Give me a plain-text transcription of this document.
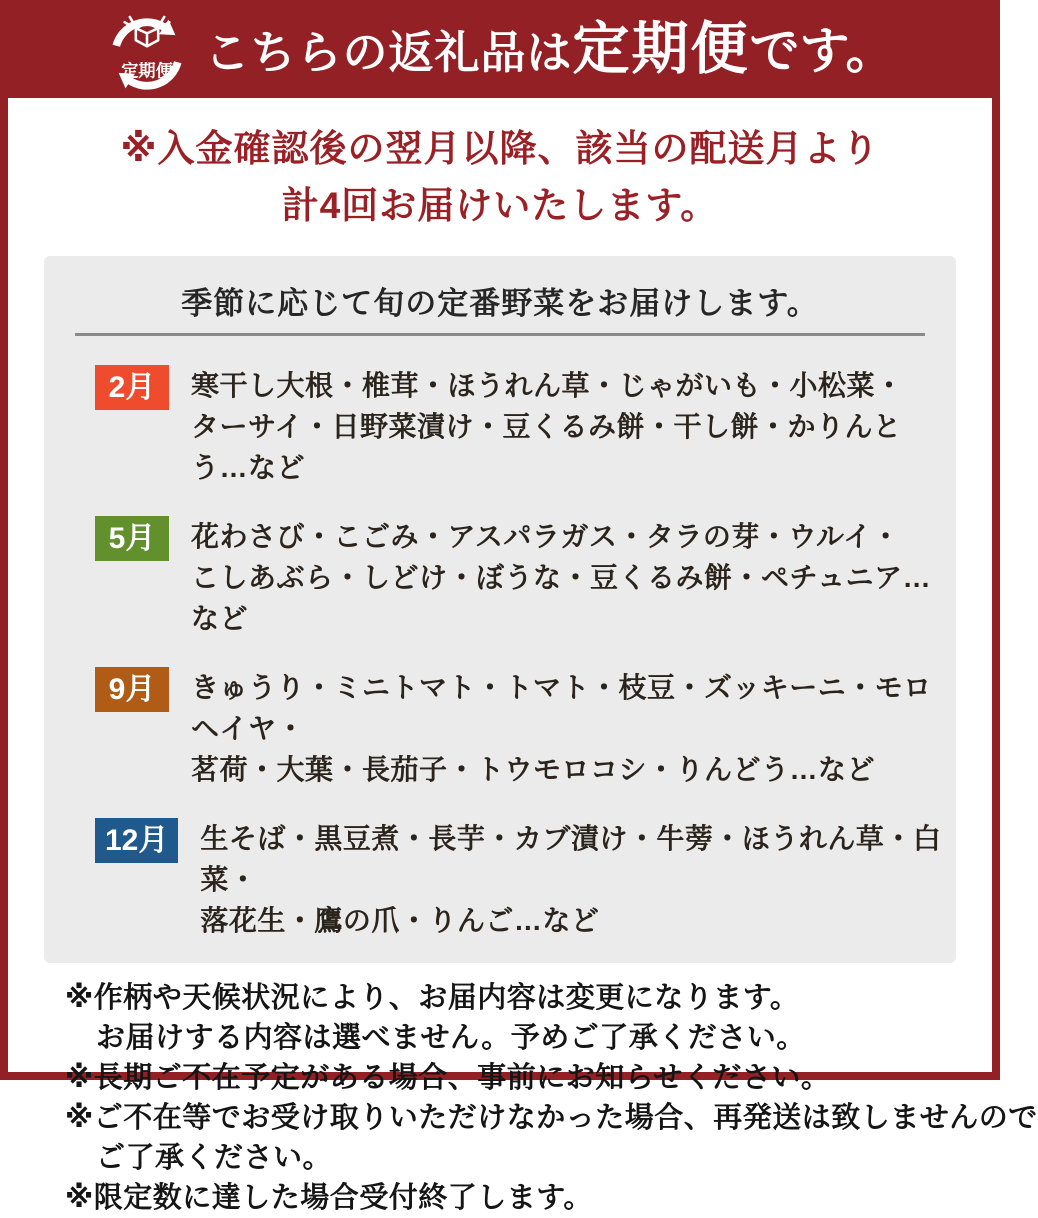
定期便 こちらの返礼品は定期便です。

※入金確認後の翌月以降、該当の配送月より

計4回お届けいたします。

季節に応じて旬の定番野菜をお届けします。
2月	寒干し大根・椎茸・ほうれん草・じゃがいも・小松菜・
ターサイ・日野菜漬け・豆くるみ餅・干し餅・かりんとう…など

5月	花わさび・こごみ・アスパラガス・タラの芽・ウルイ・
こしあぶら・しどけ・ぼうな・豆くるみ餅・ペチュニア…など

9月	きゅうり・ミニトマト・トマト・枝豆・ズッキーニ・モロヘイヤ・
茗荷・大葉・長茄子・トウモロコシ・りんどう…など

12月	生そば・黒豆煮・長芋・カブ漬け・牛蒡・ほうれん草・白菜・
落花生・鷹の爪・りんご…など

※作柄や天候状況により、お届内容は変更になります。

お届けする内容は選べません。予めご了承ください。

※長期ご不在予定がある場合、事前にお知らせください。

※ご不在等でお受け取りいただけなかった場合、再発送は致しませんので

ご了承ください。

※限定数に達した場合受付終了します。
